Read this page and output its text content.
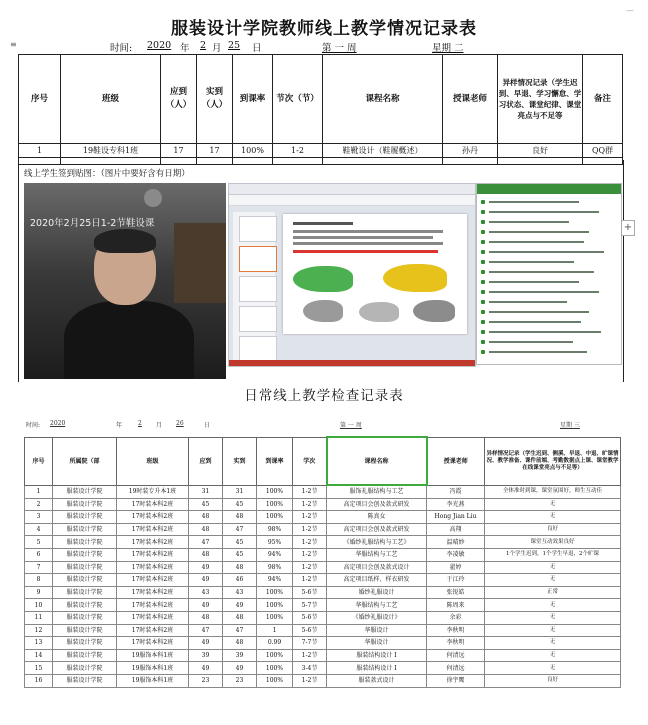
—
≡
服装设计学院教师线上教学情况记录表
时间: 2020 年 2 月 25 日	第 一 周	星期 二
序号	班级	应到（人）	实到（人）	到课率	节次（节）	课程名称	授课老师	异样情况记录（学生迟到、早退、学习懈怠、学习状态、课堂纪律、课堂亮点与不足等	备注
1	19鞋设专科1班	17	17	100%	1-2	鞋靴设计（鞋履概述）	孙丹	良好	QQ群

线上学生签到贴图：（图片中要好含有日期）
2020年2月25日1-2节鞋设课	+
日常线上教学检查记录表
时间: 2020	年	2 月 26	日	第 一 周	星期 三
序号	所属院（部	班级	应到	实到	到课率	学次	课程名称	授课老师	异样情况记录（学生迟到、侧溪、早退、中退、旷课情况、教学准备、课件前端、考勤数据点上课、课堂教学在线课堂亮点与不足等）
1	服装设计学院	19时装专升本1班	31	31	100%	1-2节	服饰礼服结构与工艺	冯霞	全体准时到课，课堂氛围好，师生互动佳
2	服装设计学院	17时装本科2班	45	45	100%	1-2节	高定项目会创及款式研发	李光燕	无
3	服装设计学院	17时装本科2班	48	48	100%	1-2节	陈真女	Hong Jian Liu	无
4	服装设计学院	17时装本科2班	48	47	98%	1-2节	高定项目会创及款式研发	高翔	良好
5	服装设计学院	17时装本科2班	47	45	95%	1-2节	《婚纱礼服结构与工艺》	温晴妙	课堂互动效果良好
6	服装设计学院	17时装本科2班	48	45	94%	1-2节	华服结构与工艺	李凌敏	1个学生迟到，1个学生早退，2个旷课
7	服装设计学院	17时装本科2班	49	48	98%	1-2节	高定项目会创及款式设计	翟婷	无
8	服装设计学院	17时装本科2班	49	46	94%	1-2节	高定项目纸样、样衣研发	于江玲	无
9	服装设计学院	17时装本科2班	43	43	100%	5-6节	婚纱礼服设计	张锐皓	正常
10	服装设计学院	17时装本科2班	49	49	100%	5-7节	华服结构与工艺	陈周来	无
11	服装设计学院	17时装本科2班	48	48	100%	5-6节	《婚纱礼服设计》	余彩	无
12	服装设计学院	17时装本科2班	47	47	1	5-6节	华服设计	李秋明	无
13	服装设计学院	17时装本科2班	49	48	0.99	7-7节	华服设计	李秋明	无
14	服装设计学院	19服饰本科1班	39	39	100%	1-2节	服装结构设计 I	何清远	无
15	服装设计学院	19服饰本科1班	49	49	100%	3-4节	服装结构设计 I	何清远	无
16	服装设计学院	19服饰本科1班	23	23	100%	1-2节	服装款式设计	徐宇鹰	良好
